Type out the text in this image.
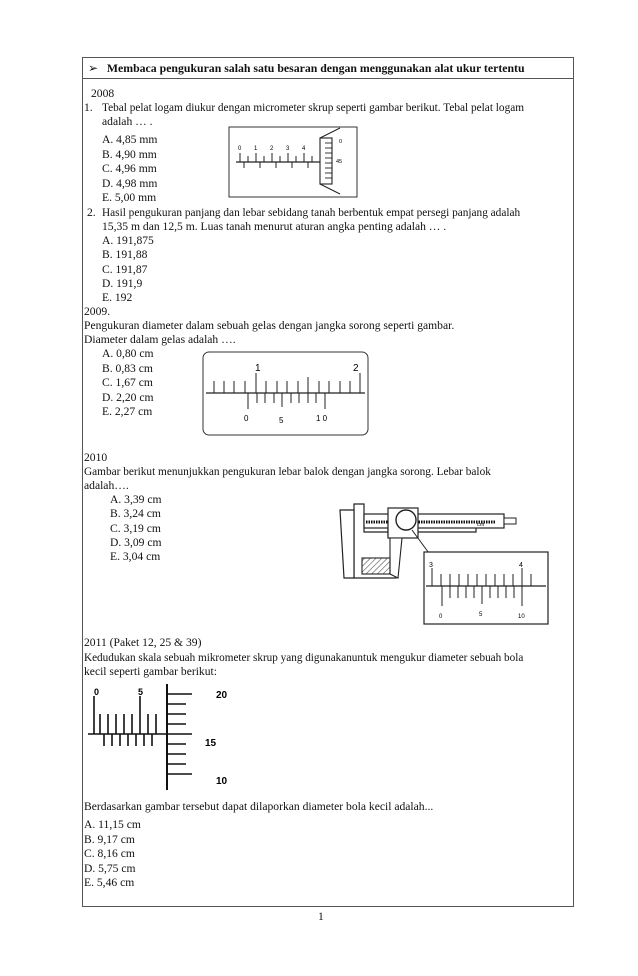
➢ Membaca pengukuran salah satu besaran dengan menggunakan alat ukur tertentu
2008
1. Tebal pelat logam diukur dengan micrometer skrup seperti gambar berikut. Tebal pelat logam
adalah … .
A. 4,85 mm
B. 4,90 mm
C. 4,96 mm
D. 4,98 mm
E. 5,00 mm
0 1 2 3 4
0
45
2. Hasil pengukuran panjang dan lebar sebidang tanah berbentuk empat persegi panjang adalah
15,35 m dan 12,5 m. Luas tanah menurut aturan angka penting adalah … .
A. 191,875
B. 191,88
C. 191,87
D. 191,9
E. 192
2009.
Pengukuran diameter dalam sebuah gelas dengan jangka sorong seperti gambar.
Diameter dalam gelas adalah ….
A. 0,80 cm
B. 0,83 cm
C. 1,67 cm
D. 2,20 cm
E. 2,27 cm
1	2
0	5	1 0
2010
Gambar berikut menunjukkan pengukuran lebar balok dengan jangka sorong. Lebar balok
adalah….
A. 3,39 cm
B. 3,24 cm
C. 3,19 cm
D. 3,09 cm
E. 3,04 cm
cm
3	4
0	5	10
2011 (Paket 12, 25 & 39)
Kedudukan skala sebuah mikrometer skrup yang digunakanuntuk mengukur diameter sebuah bola
kecil seperti gambar berikut:
0	5	20
15
10
Berdasarkan gambar tersebut dapat dilaporkan diameter bola kecil adalah...
A. 11,15 cm
B. 9,17 cm
C. 8,16 cm
D. 5,75 cm
E. 5,46 cm
1
